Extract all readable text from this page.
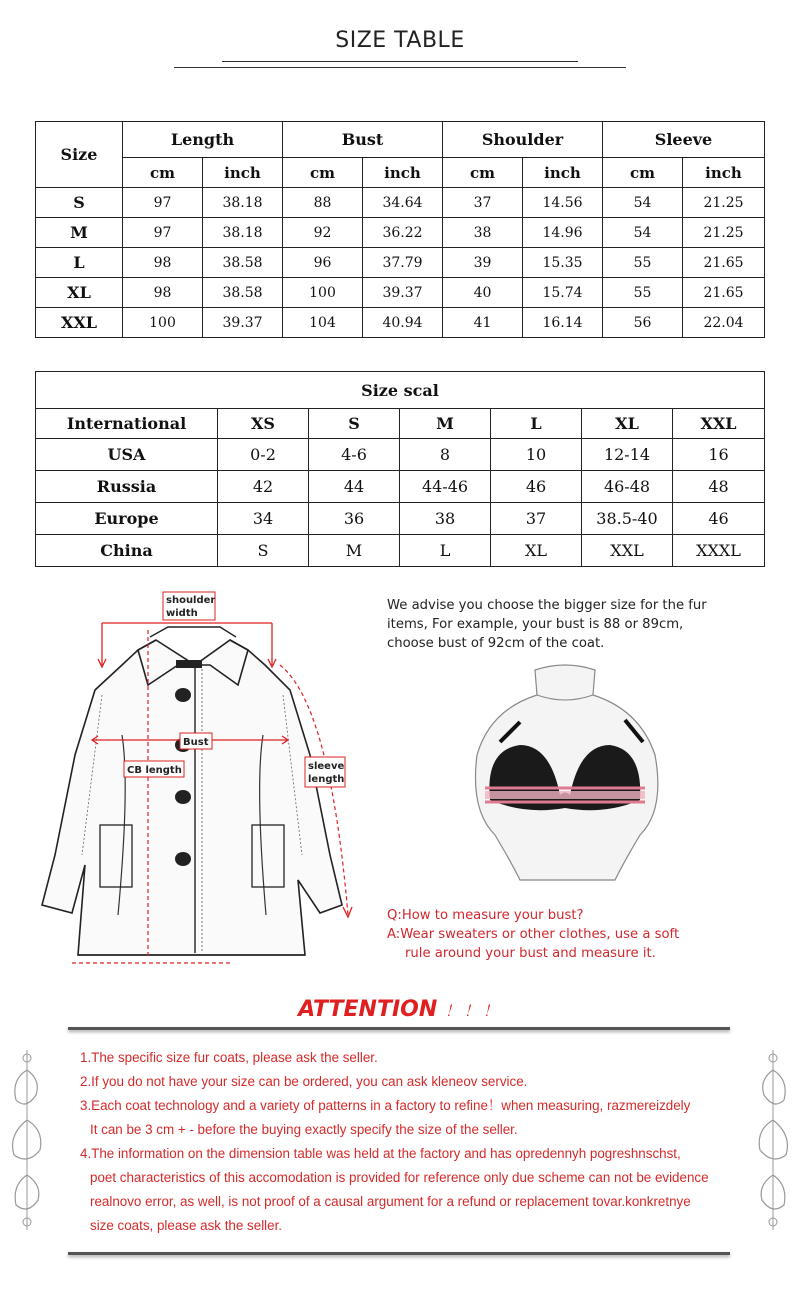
SIZE TABLE
Size	Length		Bust		Shoulder		Sleeve	
	cm	inch	cm	inch	cm	inch	cm	inch
S	97	38.18	88	34.64	37	14.56	54	21.25
M	97	38.18	92	36.22	38	14.96	54	21.25
L	98	38.58	96	37.79	39	15.35	55	21.65
XL	98	38.58	100	39.37	40	15.74	55	21.65
XXL	100	39.37	104	40.94	41	16.14	56	22.04
Size scal						
International	XS	S	M	L	XL	XXL
USA	0-2	4-6	8	10	12-14	16
Russia	42	44	44-46	46	46-48	48
Europe	34	36	38	37	38.5-40	46
China	S	M	L	XL	XXL	XXXL
shoulder
width
Bust
CB length	sleeve
length
We advise you choose the bigger size for the fur
items, For example, your bust is 88 or 89cm,
choose bust of 92cm of the coat.
Q:How to measure your bust?
A:Wear sweaters or other clothes, use a soft
rule around your bust and measure it.
ATTENTION ！！！
1.The specific size fur coats, please ask the seller.
2.If you do not have your size can be ordered, you can ask kleneov service.
3.Each coat technology and a variety of patterns in a factory to refine！when measuring, razmereizdely
It can be 3 cm + - before the buying exactly specify the size of the seller.
4.The information on the dimension table was held at the factory and has opredennyh pogreshnschst,
poet characteristics of this accomodation is provided for reference only due scheme can not be evidence
realnovo error, as well, is not proof of a causal argument for a refund or replacement tovar.konkretnye
size coats, please ask the seller.
